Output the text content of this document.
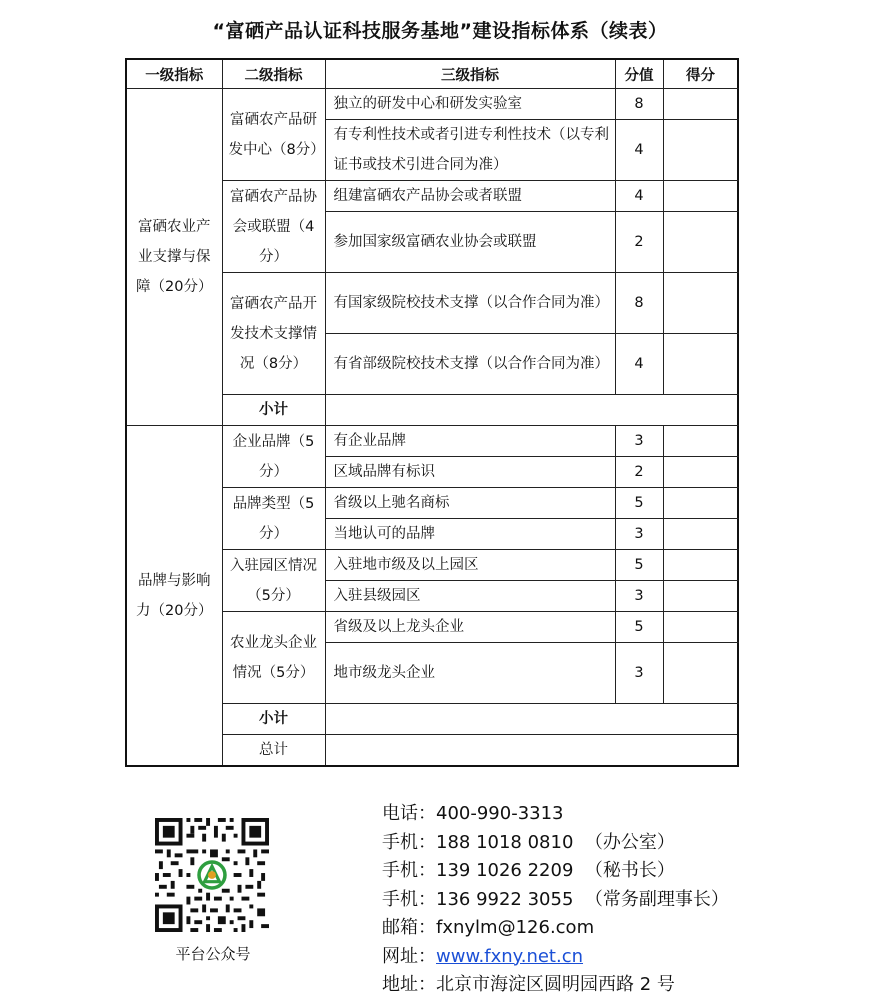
“富硒产品认证科技服务基地”建设指标体系（续表）
一级指标	二级指标	三级指标	分值	得分
富硒农业产业支撑与保障（20分）	富硒农产品研发中心（8分）	独立的研发中心和研发实验室	8	
		有专利性技术或者引进专利性技术（以专利证书或技术引进合同为准）	4	
	富硒农产品协会或联盟（4分）	组建富硒农产品协会或者联盟	4	
		参加国家级富硒农业协会或联盟	2	
	富硒农产品开发技术支撑情况（8分）	有国家级院校技术支撑（以合作合同为准）	8	
		有省部级院校技术支撑（以合作合同为准）	4	
	小计			
品牌与影响力（20分）	企业品牌（5分）	有企业品牌	3	
		区域品牌有标识	2	
	品牌类型（5分）	省级以上驰名商标	5	
		当地认可的品牌	3	
	入驻园区情况（5分）	入驻地市级及以上园区	5	
		入驻县级园区	3	
	农业龙头企业情况（5分）	省级及以上龙头企业	5	
		地市级龙头企业	3	
	小计			
	总计			
平台公众号
电话：400-990-3313
手机：188 1018 0810 （办公室）
手机：139 1026 2209 （秘书长）
手机：136 9922 3055 （常务副理事长）
邮箱：fxnylm@126.com
网址：www.fxny.net.cn
地址：北京市海淀区圆明园西路 2 号
